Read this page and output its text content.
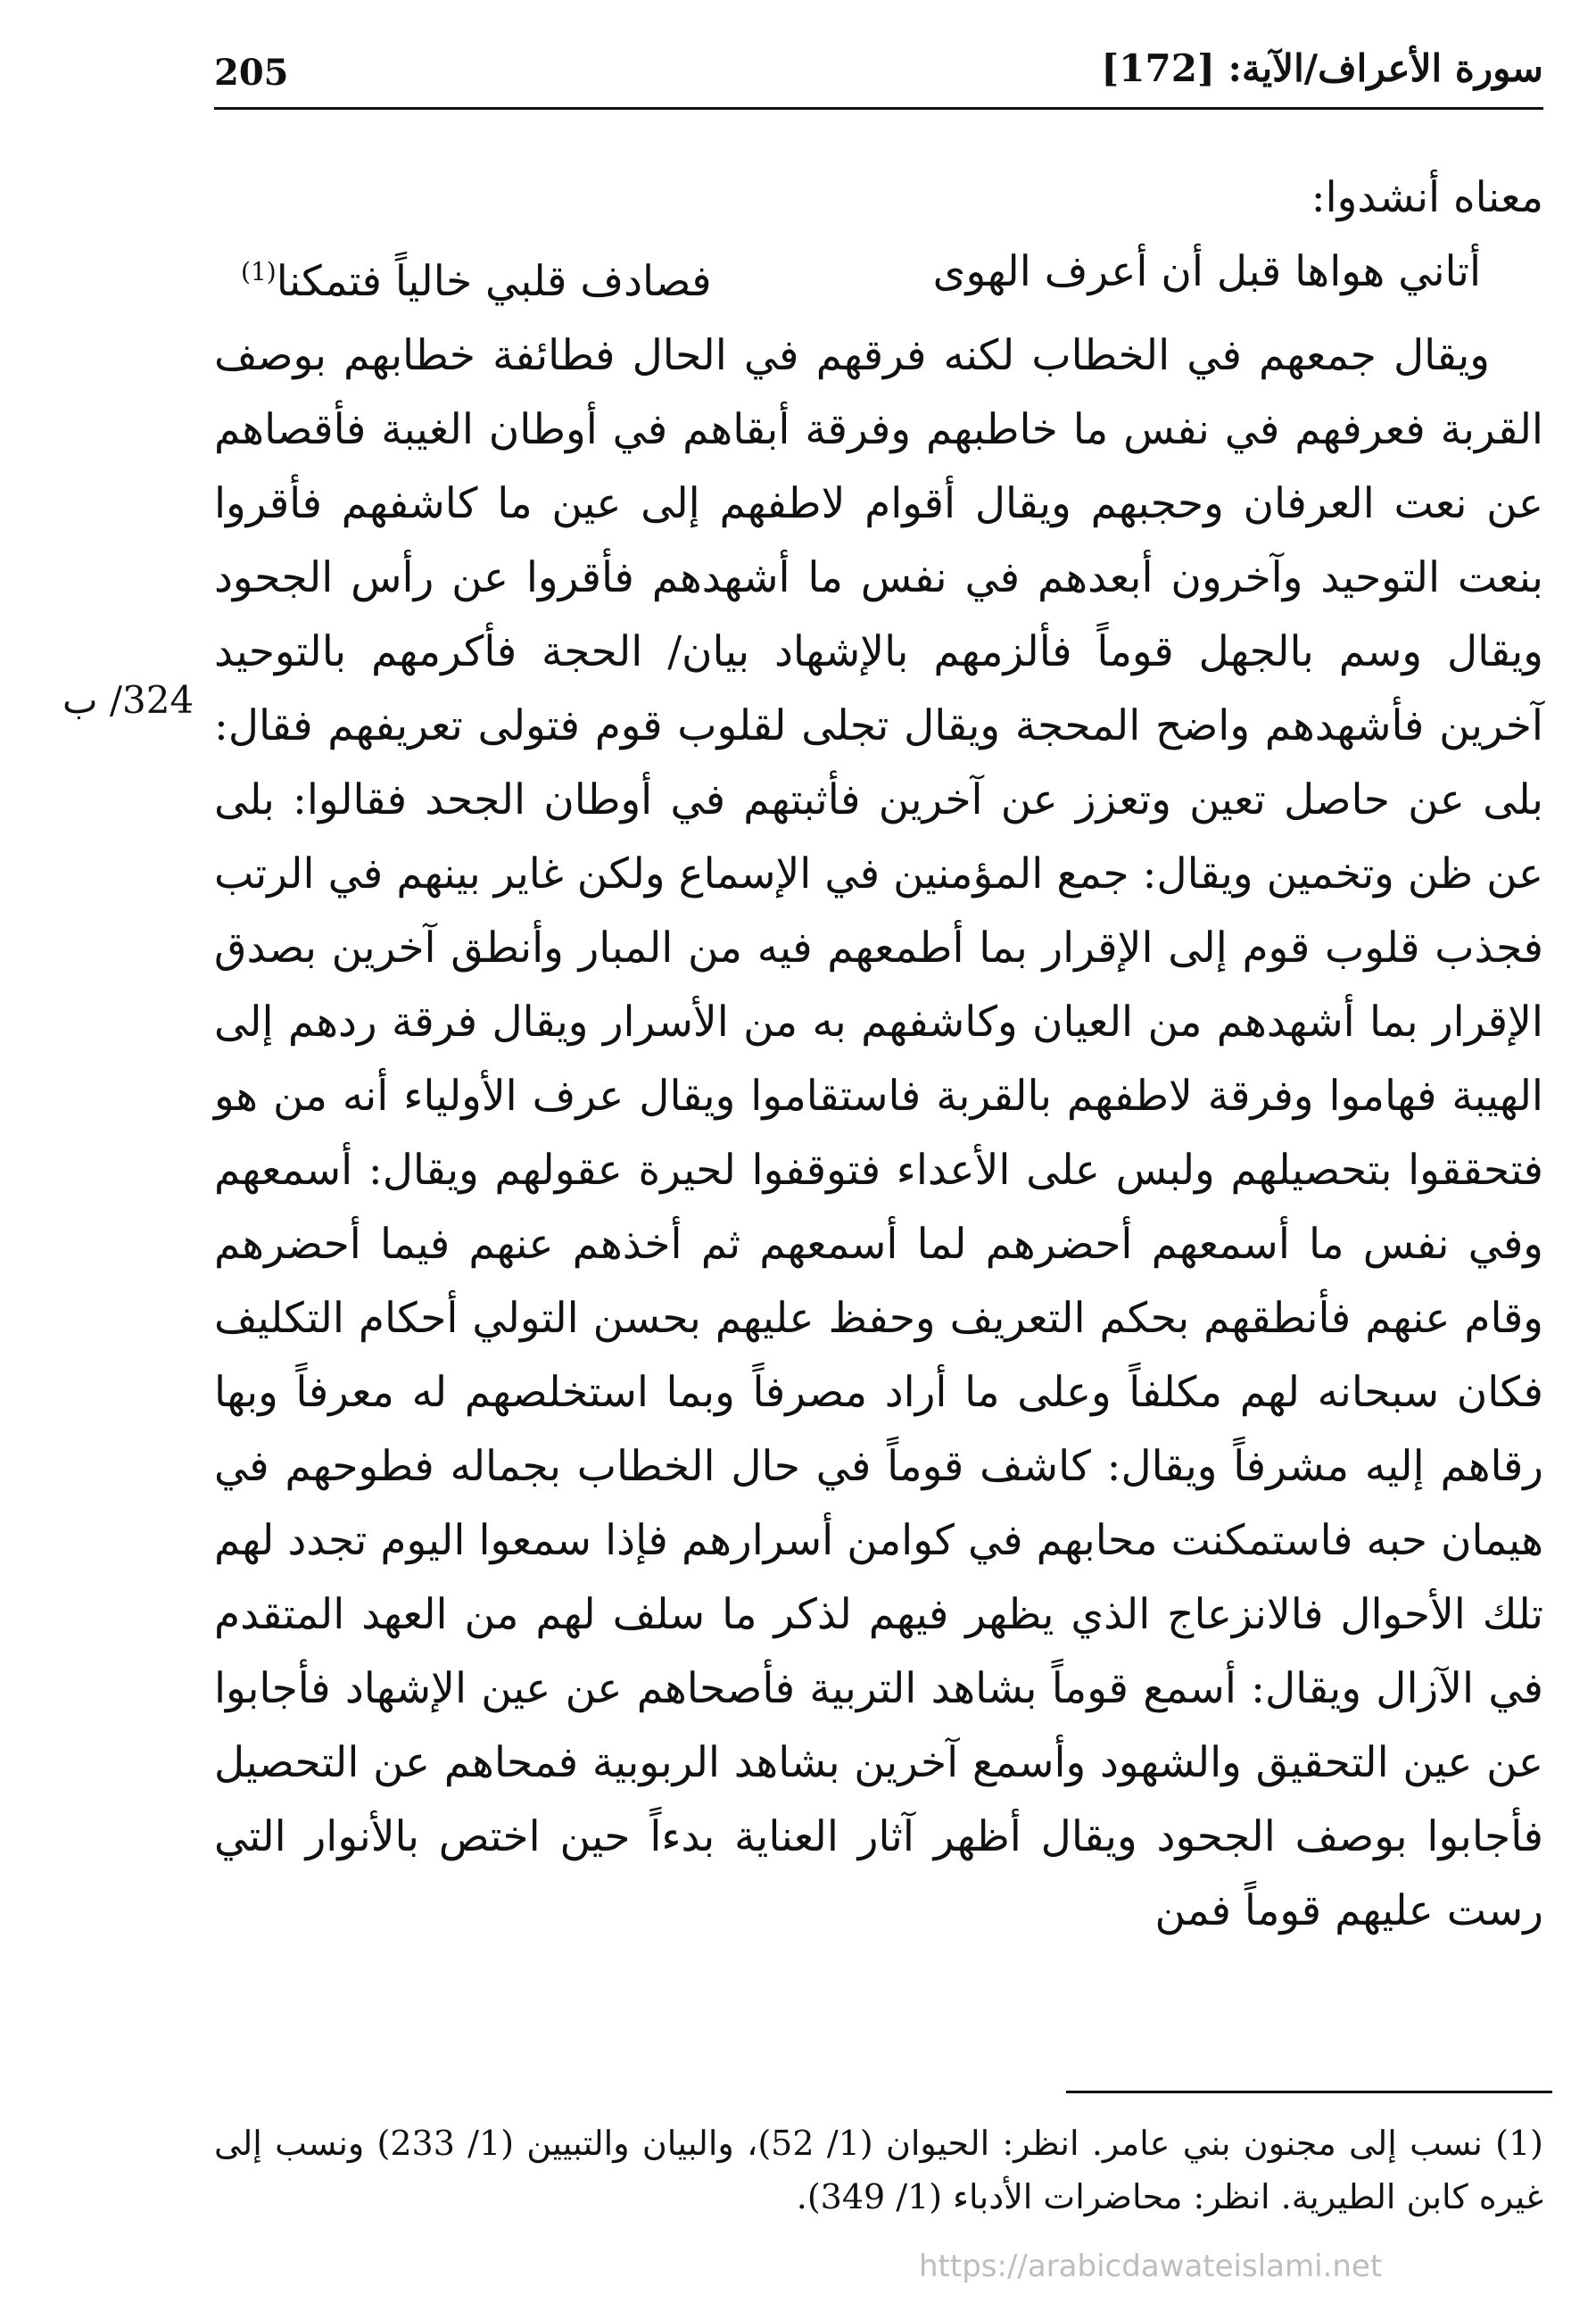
205	سورة الأعراف/الآية: [172]
324/ ب

معناه أنشدوا:

أتاني هواها قبل أن أعرف الهوى
فصادف قلبي خالياً فتمكنا$^{(1)}$

ويقال جمعهم في الخطاب لكنه فرقهم في الحال فطائفة خطابهم بوصف القربة فعرفهم في نفس ما خاطبهم وفرقة أبقاهم في أوطان الغيبة فأقصاهم عن نعت العرفان وحجبهم ويقال أقوام لاطفهم إلى عين ما كاشفهم فأقروا بنعت التوحيد وآخرون أبعدهم في نفس ما أشهدهم فأقروا عن رأس الجحود ويقال وسم بالجهل قوماً فألزمهم بالإشهاد بيان/ الحجة فأكرمهم بالتوحيد آخرين فأشهدهم واضح المحجة ويقال تجلى لقلوب قوم فتولى تعريفهم فقال: بلى عن حاصل تعين وتعزز عن آخرين فأثبتهم في أوطان الجحد فقالوا: بلى عن ظن وتخمين ويقال: جمع المؤمنين في الإسماع ولكن غاير بينهم في الرتب فجذب قلوب قوم إلى الإقرار بما أطمعهم فيه من المبار وأنطق آخرين بصدق الإقرار بما أشهدهم من العيان وكاشفهم به من الأسرار ويقال فرقة ردهم إلى الهيبة فهاموا وفرقة لاطفهم بالقربة فاستقاموا ويقال عرف الأولياء أنه من هو فتحققوا بتحصيلهم ولبس على الأعداء فتوقفوا لحيرة عقولهم ويقال: أسمعهم وفي نفس ما أسمعهم أحضرهم لما أسمعهم ثم أخذهم عنهم فيما أحضرهم وقام عنهم فأنطقهم بحكم التعريف وحفظ عليهم بحسن التولي أحكام التكليف فكان سبحانه لهم مكلفاً وعلى ما أراد مصرفاً وبما استخلصهم له معرفاً وبها رقاهم إليه مشرفاً ويقال: كاشف قوماً في حال الخطاب بجماله فطوحهم في هيمان حبه فاستمكنت محابهم في كوامن أسرارهم فإذا سمعوا اليوم تجدد لهم تلك الأحوال فالانزعاج الذي يظهر فيهم لذكر ما سلف لهم من العهد المتقدم في الآزال ويقال: أسمع قوماً بشاهد التربية فأصحاهم عن عين الإشهاد فأجابوا عن عين التحقيق والشهود وأسمع آخرين بشاهد الربوبية فمحاهم عن التحصيل فأجابوا بوصف الجحود ويقال أظهر آثار العناية بدءاً حين اختص بالأنوار التي رست عليهم قوماً فمن

(1) نسب إلى مجنون بني عامر. انظر: الحيوان (1/ 52)، والبيان والتبيين (1/ 233) ونسب إلى غيره كابن الطيرية. انظر: محاضرات الأدباء (1/ 349).

https://arabicdawateislami.net
